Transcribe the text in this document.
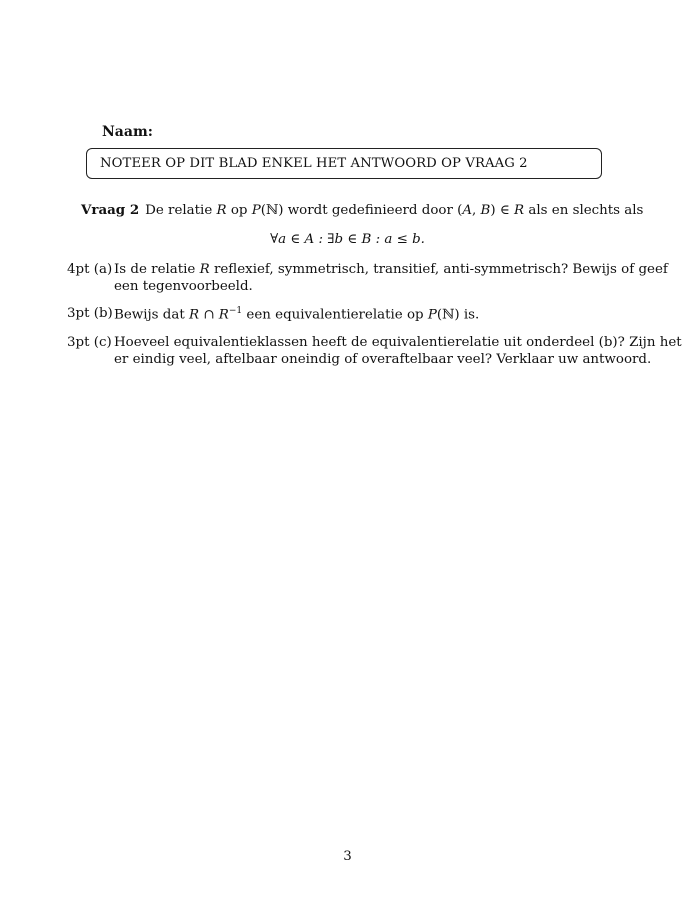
Naam:
NOTEER OP DIT BLAD ENKEL HET ANTWOORD OP VRAAG 2
Vraag 2 De relatie R op P(ℕ) wordt gedefinieerd door (A, B) ∈ R als en slechts als
∀a ∈ A : ∃b ∈ B : a ≤ b.
4pt (a) Is de relatie R reflexief, symmetrisch, transitief, anti-symmetrisch? Bewijs of geef
een tegenvoorbeeld.
3pt (b) Bewijs dat R ∩ $R^{-1}$ een equivalentierelatie op P(ℕ) is.
3pt (c) Hoeveel equivalentieklassen heeft de equivalentierelatie uit onderdeel (b)? Zijn het
er eindig veel, aftelbaar oneindig of overaftelbaar veel? Verklaar uw antwoord.
3
